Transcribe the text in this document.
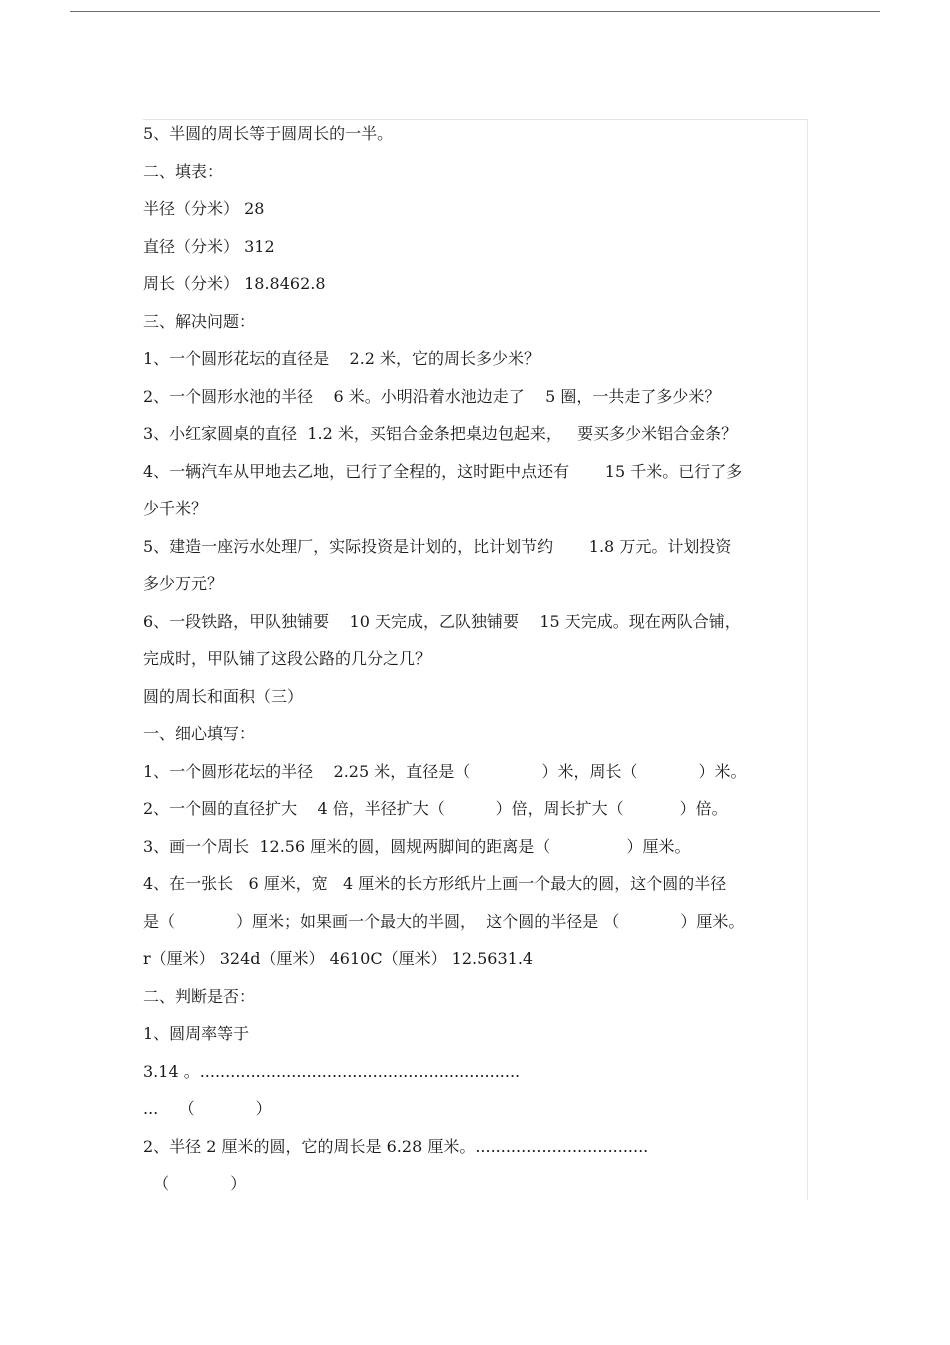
5、半圆的周长等于圆周长的一半。
二、填表：
半径（分米） 28
直径（分米） 312
周长（分米） 18.8462.8
三、解决问题：
1、一个圆形花坛的直径是    2.2 米，它的周长多少米？
2、一个圆形水池的半径    6 米。小明沿着水池边走了    5 圈，一共走了多少米？
3、小红家圆桌的直径  1.2 米，买铝合金条把桌边包起来，   要买多少米铝合金条？
4、一辆汽车从甲地去乙地，已行了全程的，这时距中点还有       15 千米。已行了多
少千米？
5、建造一座污水处理厂，实际投资是计划的，比计划节约       1.8 万元。计划投资
多少万元？
6、一段铁路，甲队独铺要    10 天完成，乙队独铺要    15 天完成。现在两队合铺，
完成时，甲队铺了这段公路的几分之几？
圆的周长和面积（三）
一、细心填写：
1、一个圆形花坛的半径    2.25 米，直径是（              ）米，周长（            ）米。
2、一个圆的直径扩大    4 倍，半径扩大（          ）倍，周长扩大（           ）倍。
3、画一个周长  12.56 厘米的圆，圆规两脚间的距离是（               ）厘米。
4、在一张长   6 厘米，宽   4 厘米的长方形纸片上画一个最大的圆，这个圆的半径
是（            ）厘米；如果画一个最大的半圆，  这个圆的半径是 （            ）厘米。
r（厘米） 324d（厘米） 4610C（厘米） 12.5631.4
二、判断是否：
1、圆周率等于
3.14 。...............................................................
...    （            ）
2、半径 2 厘米的圆，它的周长是 6.28 厘米。..................................
（            ）
